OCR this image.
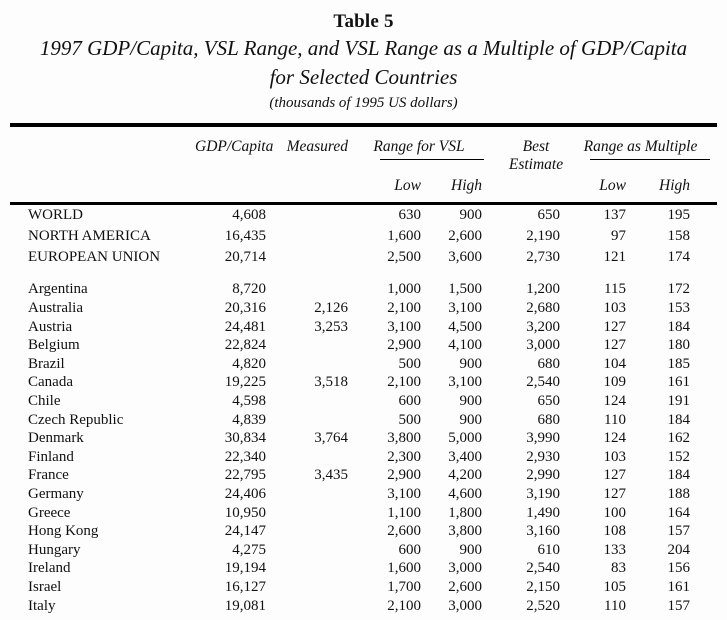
Table 5
1997 GDP/Capita, VSL Range, and VSL Range as a Multiple of GDP/Capita
for Selected Countries
(thousands of 1995 US dollars)
	GDP/Capita	Measured	Range for VSL		Best	Range as Multiple	

		Estimate		

			Low	High		Low	High
WORLD	4,608		630	900	650	137	195
NORTH AMERICA	16,435		1,600	2,600	2,190	97	158
EUROPEAN UNION	20,714		2,500	3,600	2,730	121	174

Argentina	8,720		1,000	1,500	1,200	115	172
Australia	20,316	2,126	2,100	3,100	2,680	103	153
Austria	24,481	3,253	3,100	4,500	3,200	127	184
Belgium	22,824		2,900	4,100	3,000	127	180
Brazil	4,820		500	900	680	104	185
Canada	19,225	3,518	2,100	3,100	2,540	109	161
Chile	4,598		600	900	650	124	191
Czech Republic	4,839		500	900	680	110	184
Denmark	30,834	3,764	3,800	5,000	3,990	124	162
Finland	22,340		2,300	3,400	2,930	103	152
France	22,795	3,435	2,900	4,200	2,990	127	184
Germany	24,406		3,100	4,600	3,190	127	188
Greece	10,950		1,100	1,800	1,490	100	164
Hong Kong	24,147		2,600	3,800	3,160	108	157
Hungary	4,275		600	900	610	133	204
Ireland	19,194		1,600	3,000	2,540	83	156
Israel	16,127		1,700	2,600	2,150	105	161
Italy	19,081		2,100	3,000	2,520	110	157
